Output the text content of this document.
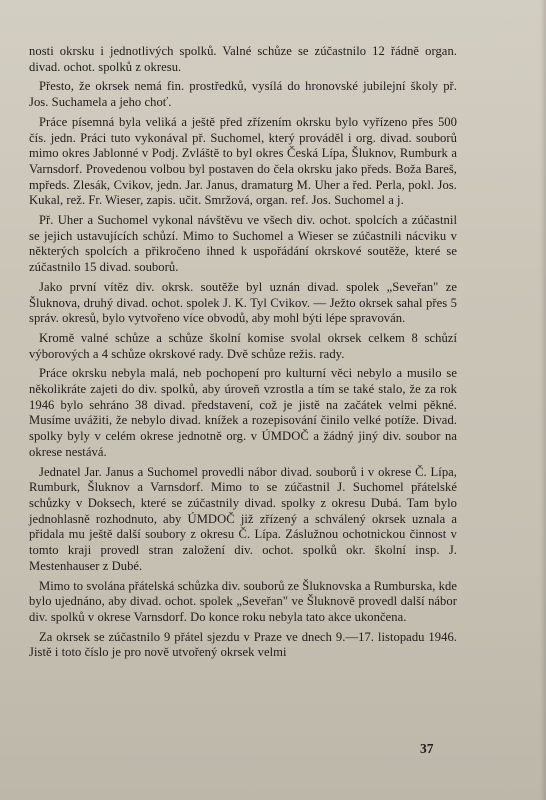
nosti okrsku i jednotlivých spolků. Valné schůze se zúčastnilo 12 řádně organ. divad. ochot. spolků z okresu.

Přesto, že okrsek nemá fin. prostředků, vysílá do hronovské jubilejní školy př. Jos. Suchamela a jeho choť.

Práce písemná byla veliká a ještě před zřízením okrsku bylo vyřízeno přes 500 čís. jedn. Práci tuto vykonával př. Suchomel, který prováděl i org. divad. souborů mimo okres Jablonné v Podj. Zvláště to byl okres Česká Lípa, Šluknov, Rumburk a Varnsdorf. Provedenou volbou byl postaven do čela okrsku jako předs. Boža Bareš, mpředs. Zlesák, Cvikov, jedn. Jar. Janus, dramaturg M. Uher a řed. Perla, pokl. Jos. Kukal, rež. Fr. Wieser, zapis. učit. Smržová, organ. ref. Jos. Suchomel a j.

Př. Uher a Suchomel vykonal návštěvu ve všech div. ochot. spolcích a zúčastnil se jejich ustavujících schůzí. Mimo to Suchomel a Wieser se zúčastnili nácviku v některých spolcích a přikročeno ihned k uspořádání okrskové soutěže, které se zúčastnilo 15 divad. souborů.

Jako první vítěz div. okrsk. soutěže byl uznán divad. spolek „Seveřan" ze Šluknova, druhý divad. ochot. spolek J. K. Tyl Cvikov. — Ježto okrsek sahal přes 5 správ. okresů, bylo vytvořeno více obvodů, aby mohl býti lépe spravován.

Kromě valné schůze a schůze školní komise svolal okrsek celkem 8 schůzí výborových a 4 schůze okrskové rady. Dvě schůze režis. rady.

Práce okrsku nebyla malá, neb pochopení pro kulturní věci nebylo a musilo se několikráte zajeti do div. spolků, aby úroveň vzrostla a tím se také stalo, že za rok 1946 bylo sehráno 38 divad. představení, což je jistě na začátek velmi pěkné. Musíme uvážiti, že nebylo divad. knížek a rozepisování činilo velké potíže. Divad. spolky byly v celém okrese jednotně org. v ÚMDOČ a žádný jiný div. soubor na okrese nestává.

Jednatel Jar. Janus a Suchomel provedli nábor divad. souborů i v okrese Č. Lípa, Rumburk, Šluknov a Varnsdorf. Mimo to se zúčastnil J. Suchomel přátelské schůzky v Doksech, které se zúčastnily divad. spolky z okresu Dubá. Tam bylo jednohlasně rozhodnuto, aby ÚMDOČ již zřízený a schválený okrsek uznala a přidala mu ještě další soubory z okresu Č. Lípa. Záslužnou ochotnickou činnost v tomto kraji provedl stran založení div. ochot. spolků okr. školní insp. J. Mestenhauser z Dubé.

Mimo to svolána přátelská schůzka div. souborů ze Šluknovska a Rumburska, kde bylo ujednáno, aby divad. ochot. spolek „Seveřan" ve Šluknově provedl další nábor div. spolků v okrese Varnsdorf. Do konce roku nebyla tato akce ukončena.

Za okrsek se zúčastnilo 9 přátel sjezdu v Praze ve dnech 9.—17. listopadu 1946. Jistě i toto číslo je pro nově utvořený okrsek velmi

37
